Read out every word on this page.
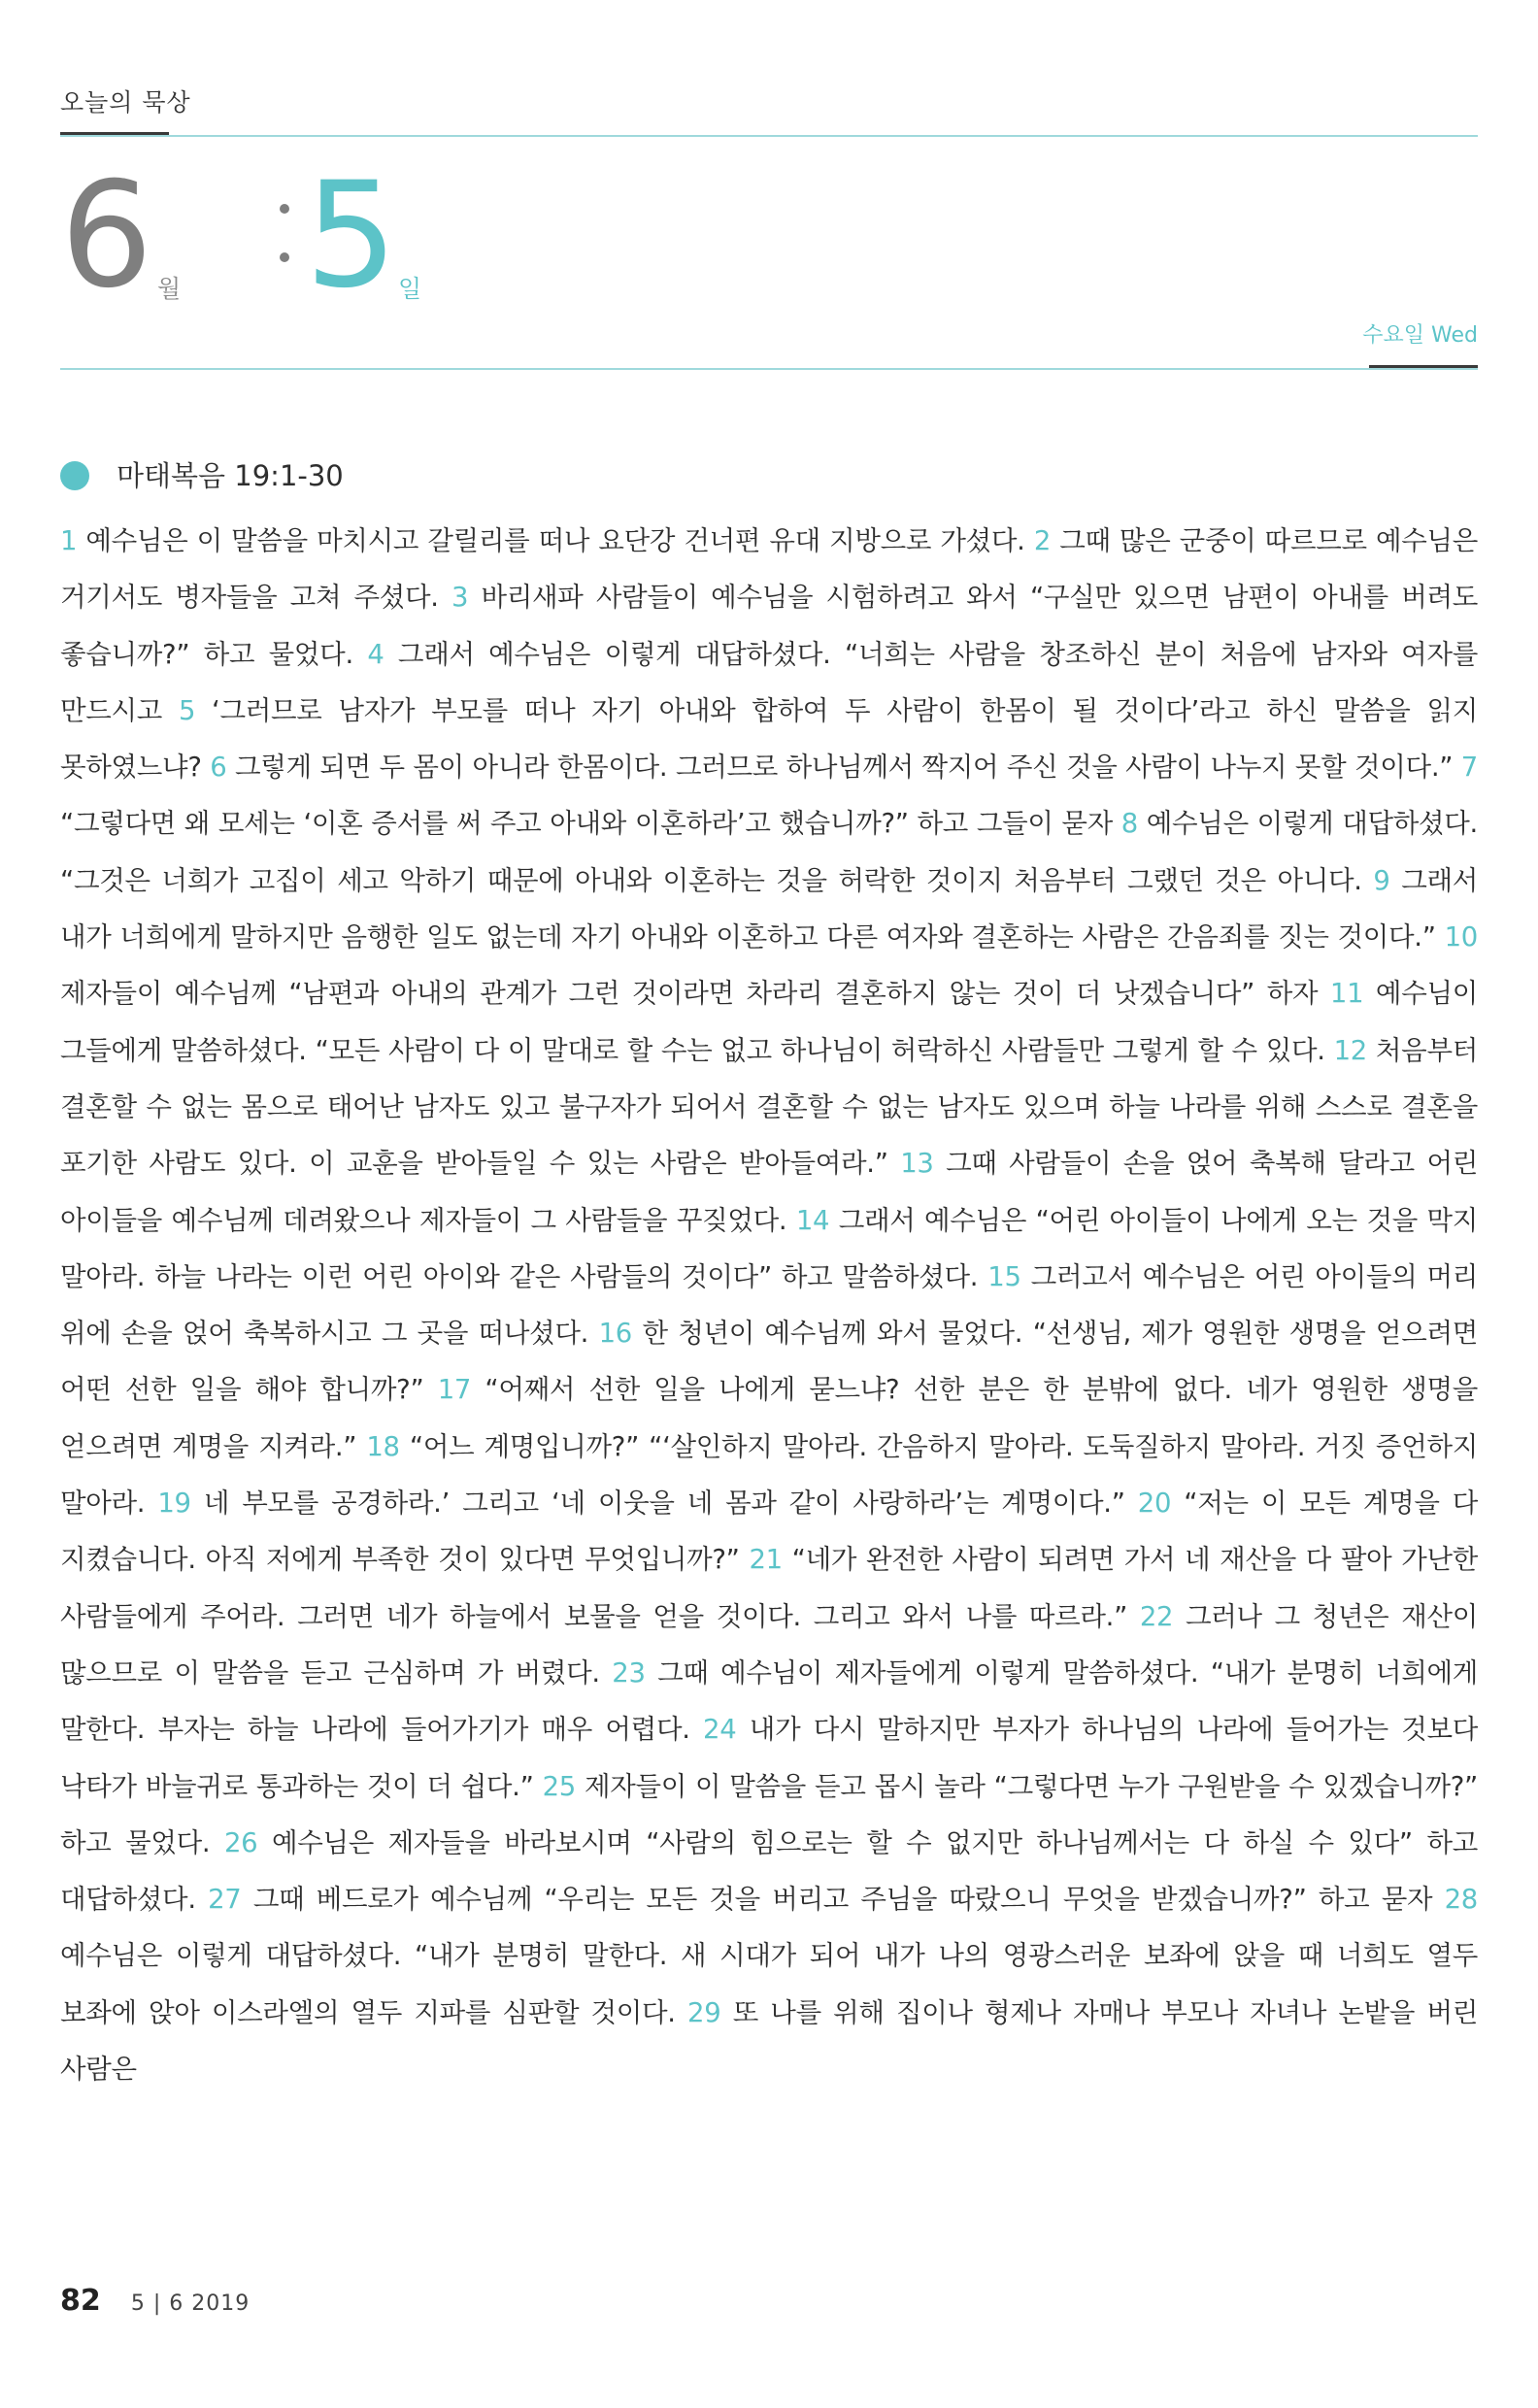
오늘의 묵상
6 월 5 일
수요일 Wed
마태복음 19:1-30
1 예수님은 이 말씀을 마치시고 갈릴리를 떠나 요단강 건너편 유대 지방으로 가셨다. 2 그때 많은 군중이 따르므로 예수님은 거기서도 병자들을 고쳐 주셨다. 3 바리새파 사람들이 예수님을 시험하려고 와서 “구실만 있으면 남편이 아내를 버려도 좋습니까?” 하고 물었다. 4 그래서 예수님은 이렇게 대답하셨다. “너희는 사람을 창조하신 분이 처음에 남자와 여자를 만드시고 5 ‘그러므로 남자가 부모를 떠나 자기 아내와 합하여 두 사람이 한몸이 될 것이다’라고 하신 말씀을 읽지 못하였느냐? 6 그렇게 되면 두 몸이 아니라 한몸이다. 그러므로 하나님께서 짝지어 주신 것을 사람이 나누지 못할 것이다.” 7 “그렇다면 왜 모세는 ‘이혼 증서를 써 주고 아내와 이혼하라’고 했습니까?” 하고 그들이 묻자 8 예수님은 이렇게 대답하셨다. “그것은 너희가 고집이 세고 악하기 때문에 아내와 이혼하는 것을 허락한 것이지 처음부터 그랬던 것은 아니다. 9 그래서 내가 너희에게 말하지만 음행한 일도 없는데 자기 아내와 이혼하고 다른 여자와 결혼하는 사람은 간음죄를 짓는 것이다.” 10 제자들이 예수님께 “남편과 아내의 관계가 그런 것이라면 차라리 결혼하지 않는 것이 더 낫겠습니다” 하자 11 예수님이 그들에게 말씀하셨다. “모든 사람이 다 이 말대로 할 수는 없고 하나님이 허락하신 사람들만 그렇게 할 수 있다. 12 처음부터 결혼할 수 없는 몸으로 태어난 남자도 있고 불구자가 되어서 결혼할 수 없는 남자도 있으며 하늘 나라를 위해 스스로 결혼을 포기한 사람도 있다. 이 교훈을 받아들일 수 있는 사람은 받아들여라.” 13 그때 사람들이 손을 얹어 축복해 달라고 어린 아이들을 예수님께 데려왔으나 제자들이 그 사람들을 꾸짖었다. 14 그래서 예수님은 “어린 아이들이 나에게 오는 것을 막지 말아라. 하늘 나라는 이런 어린 아이와 같은 사람들의 것이다” 하고 말씀하셨다. 15 그러고서 예수님은 어린 아이들의 머리 위에 손을 얹어 축복하시고 그 곳을 떠나셨다. 16 한 청년이 예수님께 와서 물었다. “선생님, 제가 영원한 생명을 얻으려면 어떤 선한 일을 해야 합니까?” 17 “어째서 선한 일을 나에게 묻느냐? 선한 분은 한 분밖에 없다. 네가 영원한 생명을 얻으려면 계명을 지켜라.” 18 “어느 계명입니까?” “‘살인하지 말아라. 간음하지 말아라. 도둑질하지 말아라. 거짓 증언하지 말아라. 19 네 부모를 공경하라.’ 그리고 ‘네 이웃을 네 몸과 같이 사랑하라’는 계명이다.” 20 “저는 이 모든 계명을 다 지켰습니다. 아직 저에게 부족한 것이 있다면 무엇입니까?” 21 “네가 완전한 사람이 되려면 가서 네 재산을 다 팔아 가난한 사람들에게 주어라. 그러면 네가 하늘에서 보물을 얻을 것이다. 그리고 와서 나를 따르라.” 22 그러나 그 청년은 재산이 많으므로 이 말씀을 듣고 근심하며 가 버렸다. 23 그때 예수님이 제자들에게 이렇게 말씀하셨다. “내가 분명히 너희에게 말한다. 부자는 하늘 나라에 들어가기가 매우 어렵다. 24 내가 다시 말하지만 부자가 하나님의 나라에 들어가는 것보다 낙타가 바늘귀로 통과하는 것이 더 쉽다.” 25 제자들이 이 말씀을 듣고 몹시 놀라 “그렇다면 누가 구원받을 수 있겠습니까?” 하고 물었다. 26 예수님은 제자들을 바라보시며 “사람의 힘으로는 할 수 없지만 하나님께서는 다 하실 수 있다” 하고 대답하셨다. 27 그때 베드로가 예수님께 “우리는 모든 것을 버리고 주님을 따랐으니 무엇을 받겠습니까?” 하고 묻자 28 예수님은 이렇게 대답하셨다. “내가 분명히 말한다. 새 시대가 되어 내가 나의 영광스러운 보좌에 앉을 때 너희도 열두 보좌에 앉아 이스라엘의 열두 지파를 심판할 것이다. 29 또 나를 위해 집이나 형제나 자매나 부모나 자녀나 논밭을 버린 사람은
82 5 | 6 2019
